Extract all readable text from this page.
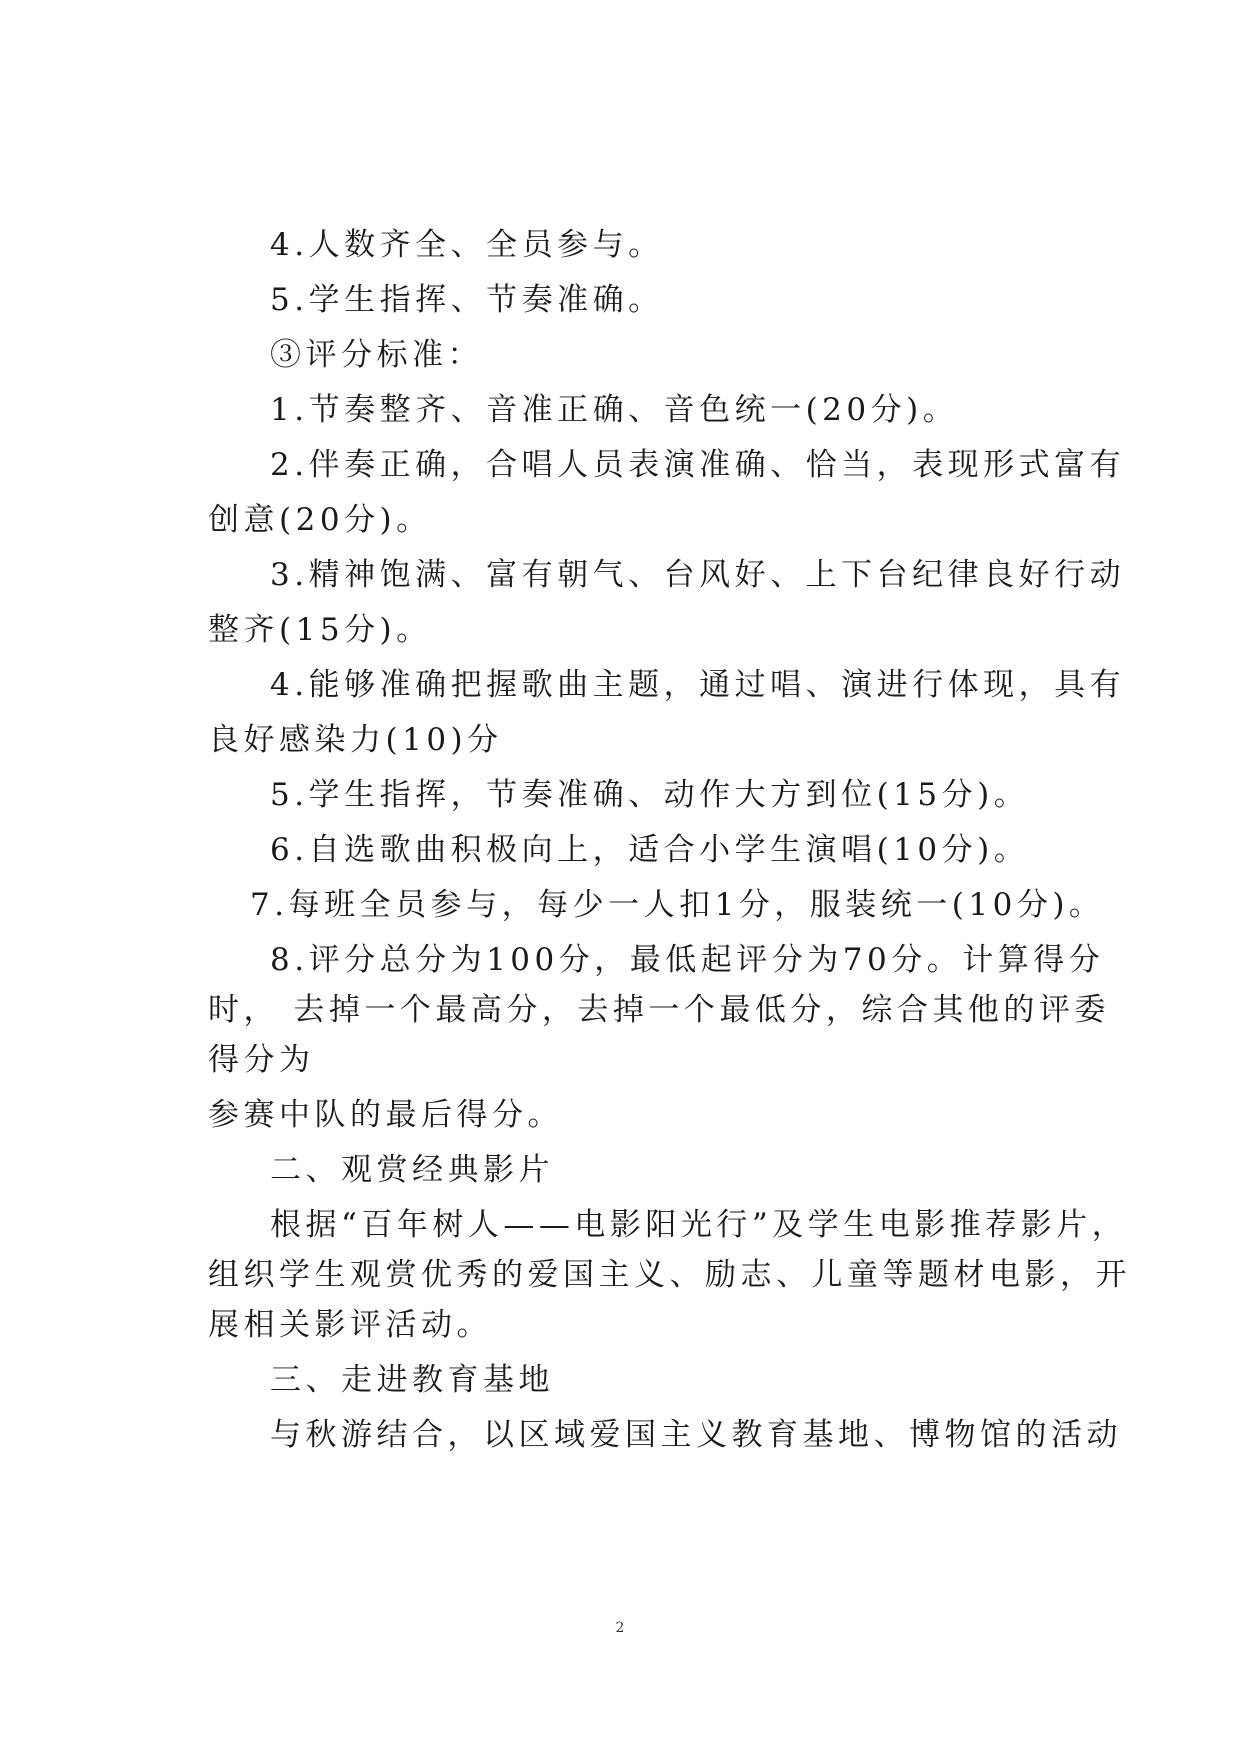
4.人数齐全、全员参与。
5.学生指挥、节奏准确。
③评分标准：
1.节奏整齐、音准正确、音色统一(20分)。
2.伴奏正确，合唱人员表演准确、恰当，表现形式富有
创意(20分)。
3.精神饱满、富有朝气、台风好、上下台纪律良好行动
整齐(15分)。
4.能够准确把握歌曲主题，通过唱、演进行体现，具有
良好感染力(10)分
5.学生指挥，节奏准确、动作大方到位(15分)。
6.自选歌曲积极向上，适合小学生演唱(10分)。
7.每班全员参与，每少一人扣1分，服装统一(10分)。
8.评分总分为100分，最低起评分为70分。计算得分
时， 去掉一个最高分，去掉一个最低分，综合其他的评委
得分为
参赛中队的最后得分。
二、观赏经典影片
根据“百年树人——电影阳光行”及学生电影推荐影片，
组织学生观赏优秀的爱国主义、励志、儿童等题材电影，开
展相关影评活动。
三、走进教育基地
与秋游结合，以区域爱国主义教育基地、博物馆的活动
2
